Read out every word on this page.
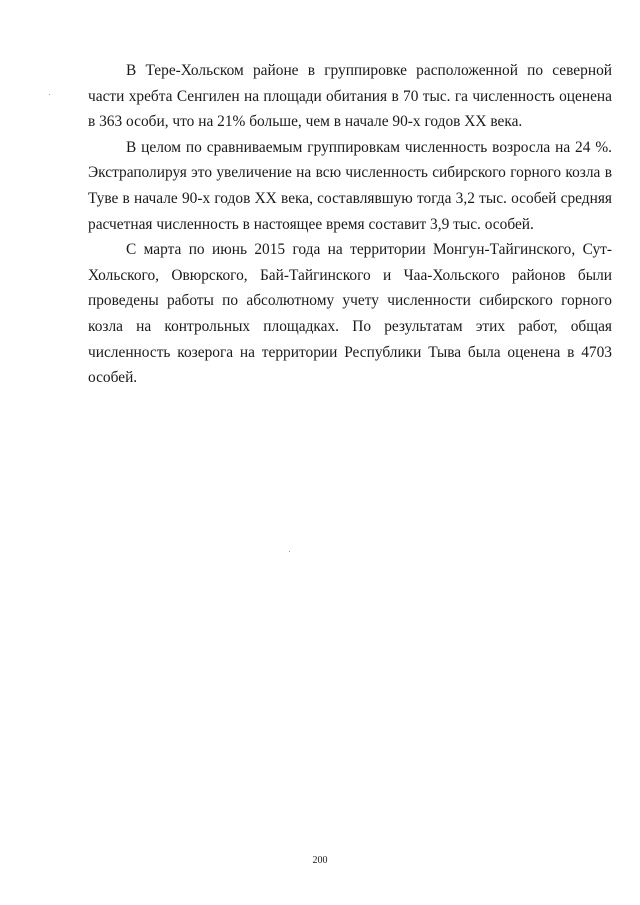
В Тере-Хольском районе в группировке расположенной по северной части хребта Сенгилен на площади обитания в 70 тыс. га численность оценена в 363 особи, что на 21% больше, чем в начале 90-х годов XX века.

В целом по сравниваемым группировкам численность возросла на 24 %. Экстраполируя это увеличение на всю численность сибирского горного козла в Туве в начале 90-х годов XX века, составлявшую тогда 3,2 тыс. особей средняя расчетная численность в настоящее время составит 3,9 тыс. особей.

С марта по июнь 2015 года на территории Монгун-Тайгинского, Сут-Хольского, Овюрского, Бай-Тайгинского и Чаа-Хольского районов были проведены работы по абсолютному учету численности сибирского горного козла на контрольных площадках. По результатам этих работ, общая численность козерога на территории Республики Тыва была оценена в 4703 особей.

200
